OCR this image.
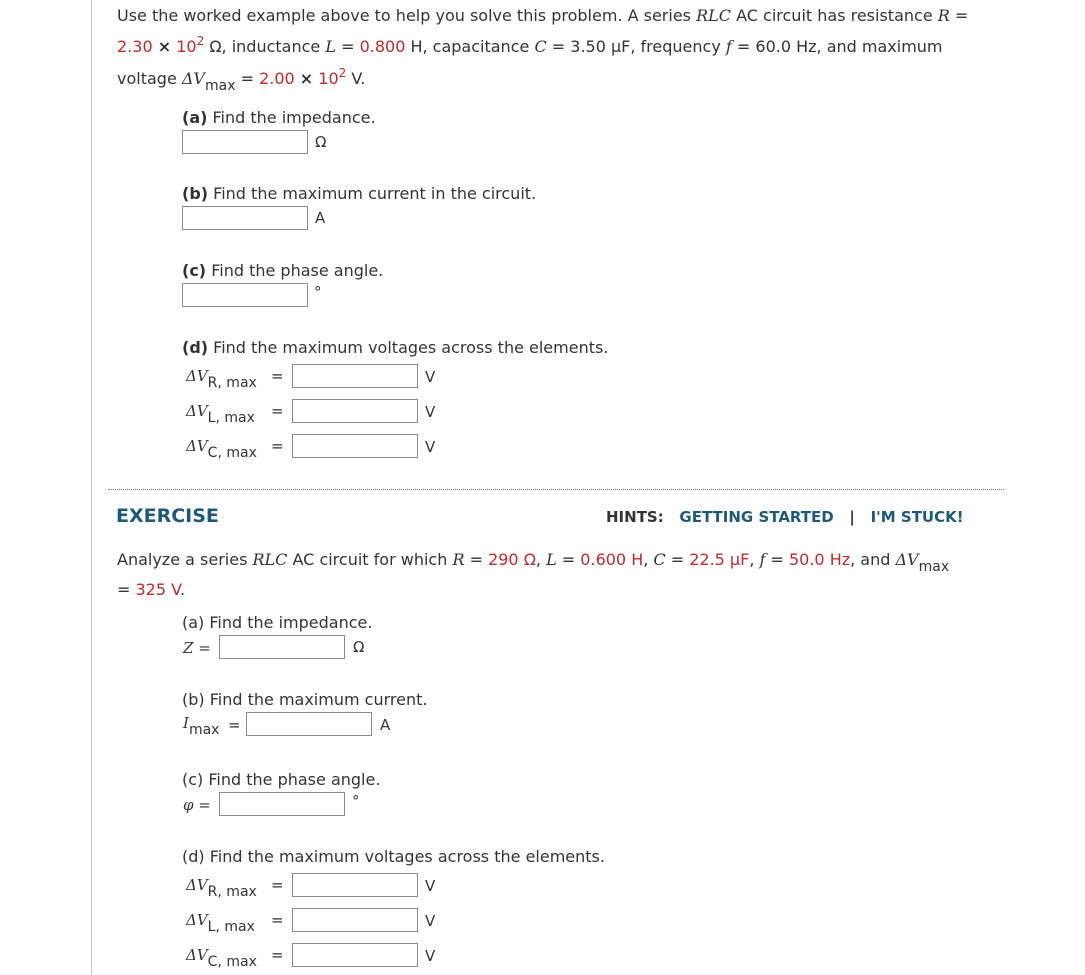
Use the worked example above to help you solve this problem. A series RLC AC circuit has resistance R =
$2.30 \times 10^2$ Ω, inductance L = 0.800 H, capacitance C = 3.50 µF, frequency f = 60.0 Hz, and maximum
voltage $\Delta Vmax = 2.00 \times 10^2$ V.
(a) Find the impedance.
Ω
(b) Find the maximum current in the circuit.
A
(c) Find the phase angle.
°
(d) Find the maximum voltages across the elements.
ΔVR, max =	V
ΔVL, max =	V
ΔVC, max =	V
EXERCISE	HINTS: GETTING STARTED | I'M STUCK!
Analyze a series RLC AC circuit for which R = 290 Ω, L = 0.600 H, C = 22.5 µF, f = 50.0 Hz, and ΔVmax
= 325 V.
(a) Find the impedance.
Z =	Ω
(b) Find the maximum current.
Imax =	A
(c) Find the phase angle.
φ =	°
(d) Find the maximum voltages across the elements.
ΔVR, max =	V
ΔVL, max =	V
ΔVC, max =	V
